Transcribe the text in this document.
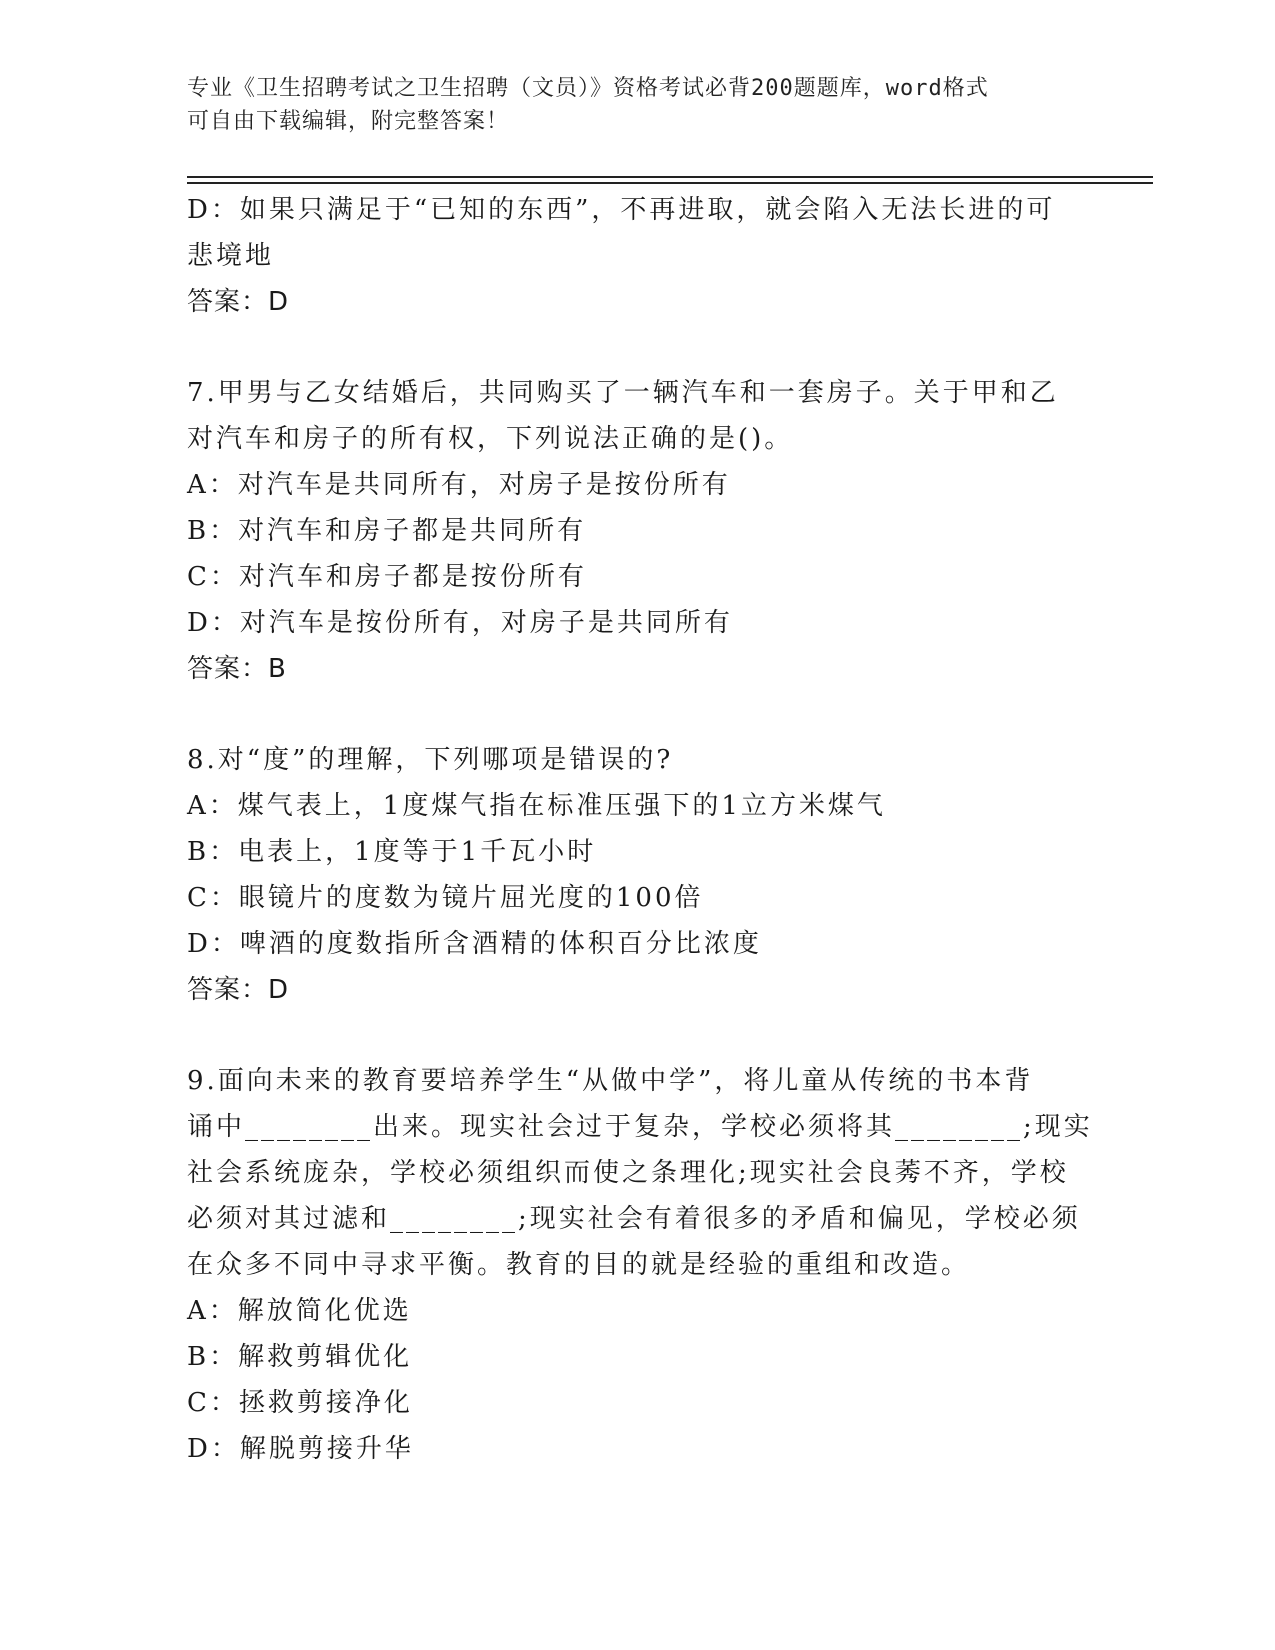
专业《卫生招聘考试之卫生招聘（文员）》资格考试必背200题题库，word格式
可自由下载编辑，附完整答案！
D：如果只满足于“已知的东西”，不再进取，就会陷入无法长进的可
悲境地
答案：D
7.甲男与乙女结婚后，共同购买了一辆汽车和一套房子。关于甲和乙
对汽车和房子的所有权，下列说法正确的是()。
A：对汽车是共同所有，对房子是按份所有
B：对汽车和房子都是共同所有
C：对汽车和房子都是按份所有
D：对汽车是按份所有，对房子是共同所有
答案：B
8.对“度”的理解，下列哪项是错误的?
A：煤气表上，1度煤气指在标准压强下的1立方米煤气
B：电表上，1度等于1千瓦小时
C：眼镜片的度数为镜片屈光度的100倍
D：啤酒的度数指所含酒精的体积百分比浓度
答案：D
9.面向未来的教育要培养学生“从做中学”，将儿童从传统的书本背
诵中________出来。现实社会过于复杂，学校必须将其________;现实
社会系统庞杂，学校必须组织而使之条理化;现实社会良莠不齐，学校
必须对其过滤和________;现实社会有着很多的矛盾和偏见，学校必须
在众多不同中寻求平衡。教育的目的就是经验的重组和改造。
A：解放简化优选
B：解救剪辑优化
C：拯救剪接净化
D：解脱剪接升华
